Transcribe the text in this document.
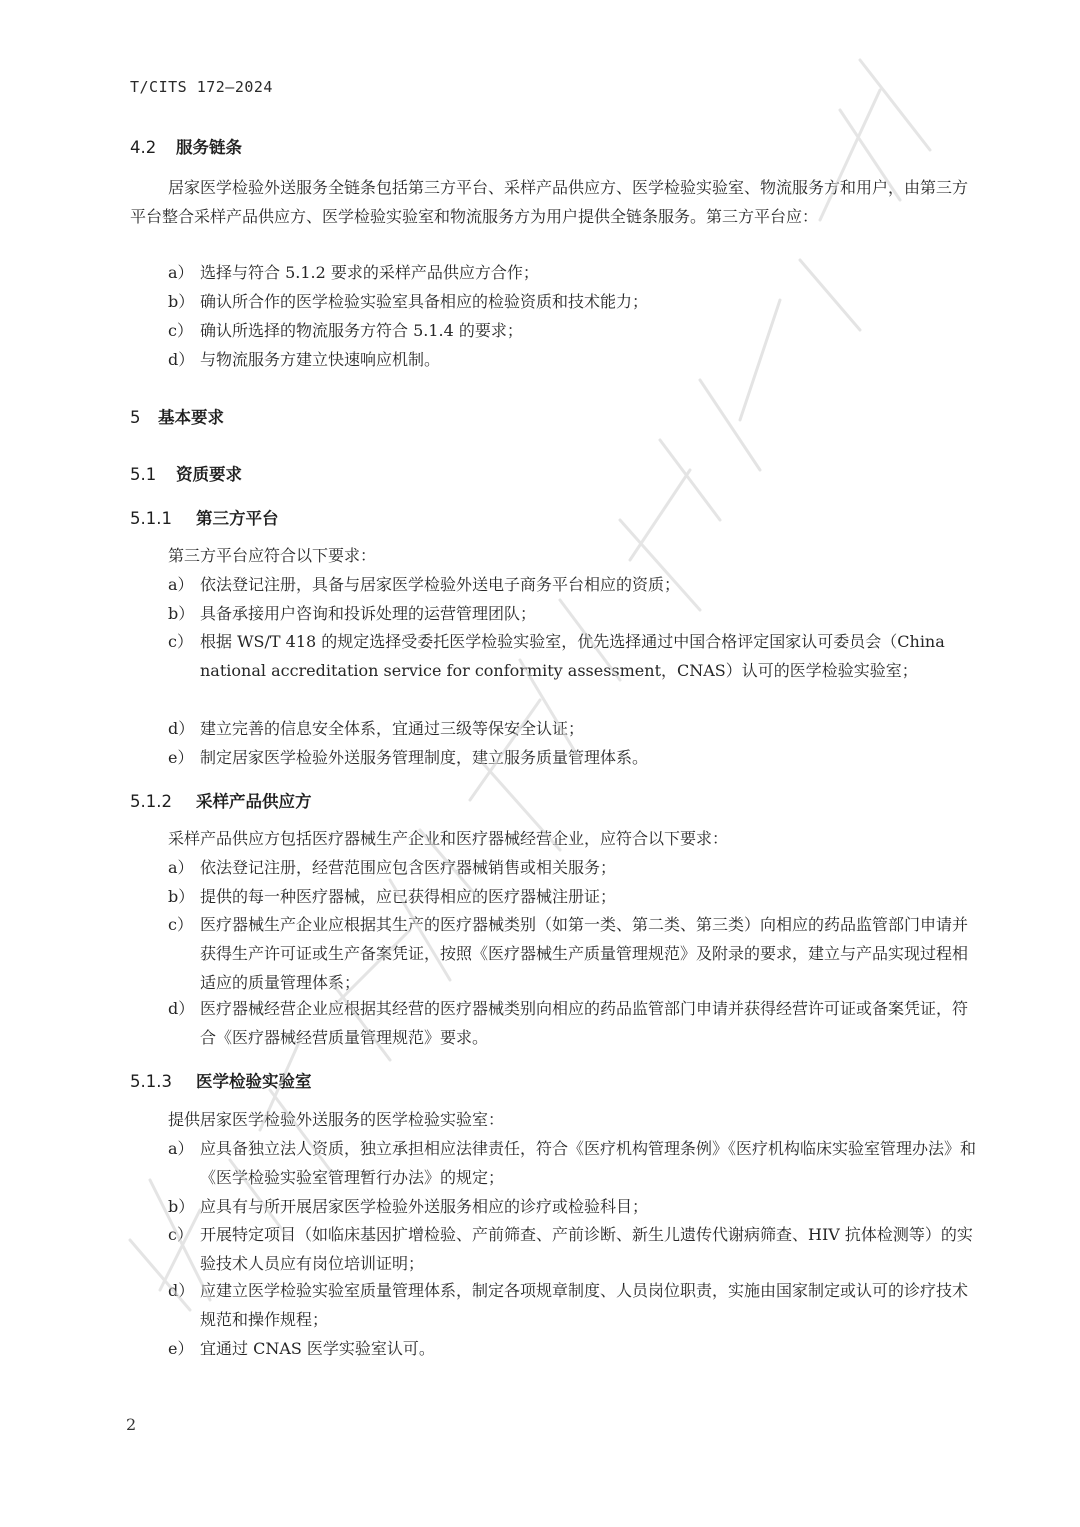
T/CITS 172—2024
4.2 服务链条
居家医学检验外送服务全链条包括第三方平台、采样产品供应方、医学检验实验室、物流服务方和用户，由第三方平台整合采样产品供应方、医学检验实验室和物流服务方为用户提供全链条服务。第三方平台应：
a） 选择与符合 5.1.2 要求的采样产品供应方合作；
b） 确认所合作的医学检验实验室具备相应的检验资质和技术能力；
c） 确认所选择的物流服务方符合 5.1.4 的要求；
d） 与物流服务方建立快速响应机制。
5 基本要求
5.1 资质要求
5.1.1 第三方平台
第三方平台应符合以下要求：
a） 依法登记注册，具备与居家医学检验外送电子商务平台相应的资质；
b） 具备承接用户咨询和投诉处理的运营管理团队；
c） 根据 WS/T 418 的规定选择受委托医学检验实验室，优先选择通过中国合格评定国家认可委员会（China national accreditation service for conformity assessment，CNAS）认可的医学检验实验室；
d） 建立完善的信息安全体系，宜通过三级等保安全认证；
e） 制定居家医学检验外送服务管理制度，建立服务质量管理体系。
5.1.2 采样产品供应方
采样产品供应方包括医疗器械生产企业和医疗器械经营企业，应符合以下要求：
a） 依法登记注册，经营范围应包含医疗器械销售或相关服务；
b） 提供的每一种医疗器械，应已获得相应的医疗器械注册证；
c） 医疗器械生产企业应根据其生产的医疗器械类别（如第一类、第二类、第三类）向相应的药品监管部门申请并获得生产许可证或生产备案凭证，按照《医疗器械生产质量管理规范》及附录的要求，建立与产品实现过程相适应的质量管理体系；
d） 医疗器械经营企业应根据其经营的医疗器械类别向相应的药品监管部门申请并获得经营许可证或备案凭证，符合《医疗器械经营质量管理规范》要求。
5.1.3 医学检验实验室
提供居家医学检验外送服务的医学检验实验室：
a） 应具备独立法人资质，独立承担相应法律责任，符合《医疗机构管理条例》《医疗机构临床实验室管理办法》和《医学检验实验室管理暂行办法》的规定；
b） 应具有与所开展居家医学检验外送服务相应的诊疗或检验科目；
c） 开展特定项目（如临床基因扩增检验、产前筛查、产前诊断、新生儿遗传代谢病筛查、HIV 抗体检测等）的实验技术人员应有岗位培训证明；
d） 应建立医学检验实验室质量管理体系，制定各项规章制度、人员岗位职责，实施由国家制定或认可的诊疗技术规范和操作规程；
e） 宜通过 CNAS 医学实验室认可。
2
